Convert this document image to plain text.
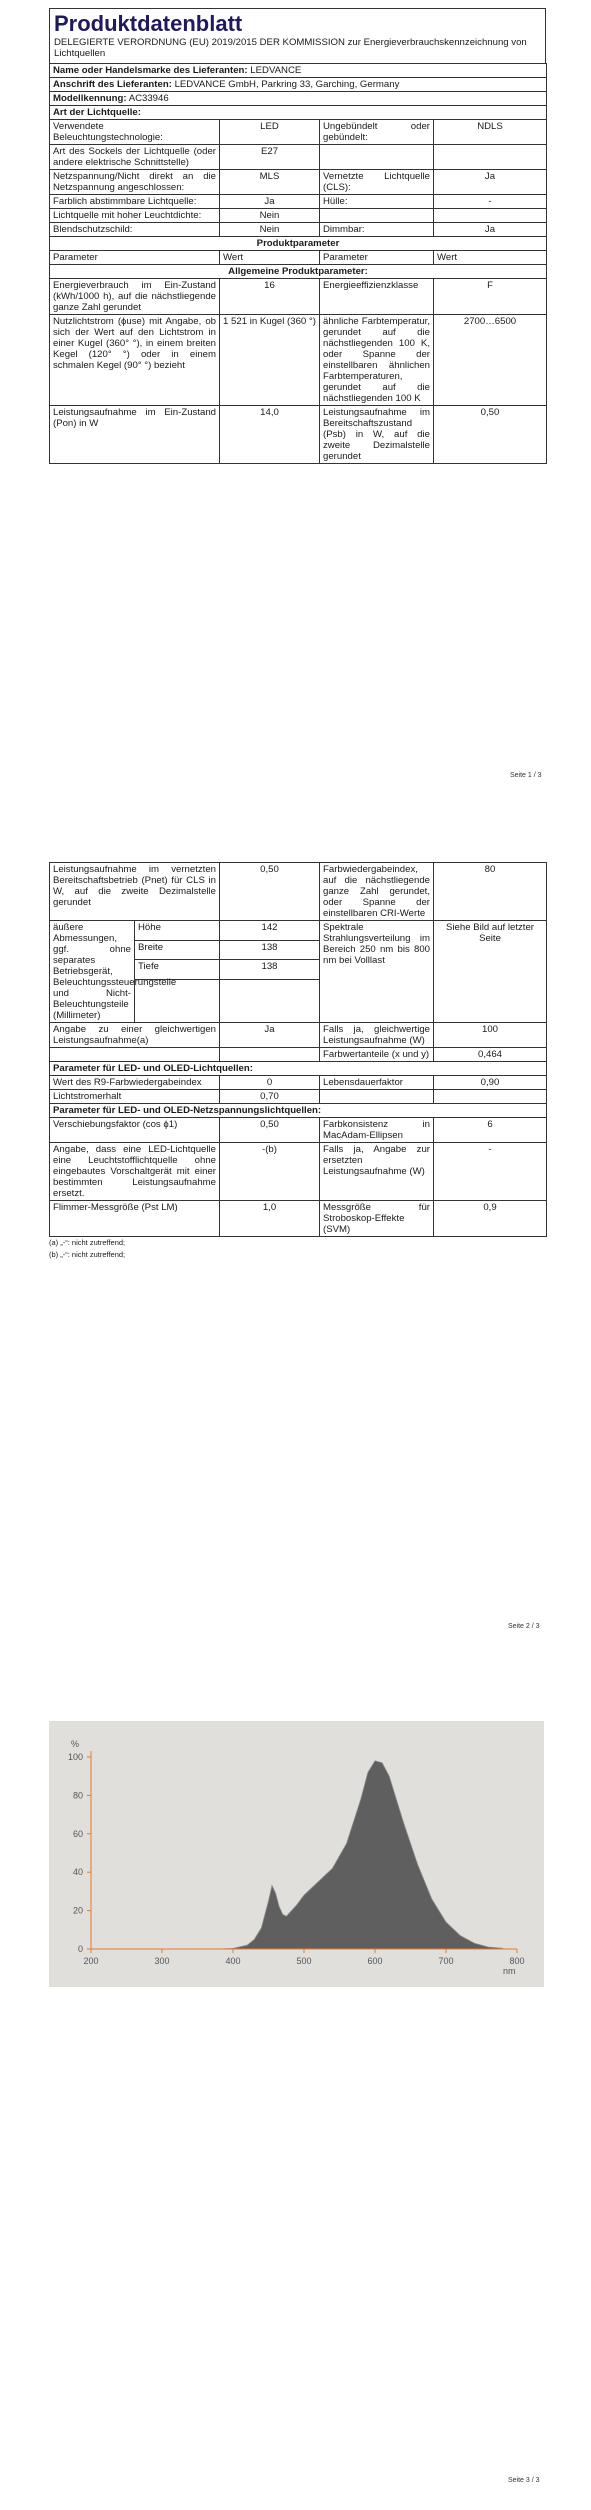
Produktdatenblatt
DELEGIERTE VERORDNUNG (EU) 2019/2015 DER KOMMISSION zur Energieverbrauchskennzeichnung von Lichtquellen
Name oder Handelsmarke des Lieferanten: LEDVANCE			
Anschrift des Lieferanten: LEDVANCE GmbH, Parkring 33, Garching, Germany			
Modellkennung: AC33946			
Art der Lichtquelle:			
Verwendete Beleuchtungstechnologie:	LED	Ungebündelt oder gebündelt:	NDLS
Art des Sockels der Lichtquelle (oder andere elektrische Schnittstelle)	E27		
Netzspannung/Nicht direkt an die Netzspannung angeschlossen:	MLS	Vernetzte Lichtquelle (CLS):	Ja
Farblich abstimmbare Lichtquelle:	Ja	Hülle:	-
Lichtquelle mit hoher Leuchtdichte:	Nein		
Blendschutzschild:	Nein	Dimmbar:	Ja
Produktparameter			
Parameter	Wert	Parameter	Wert
Allgemeine Produktparameter:			
Energieverbrauch im Ein-Zustand (kWh/1000 h), auf die nächstliegende ganze Zahl gerundet	16	Energieeffizienzklasse	F
Nutzlichtstrom (ϕuse) mit Angabe, ob sich der Wert auf den Lichtstrom in einer Kugel (360° °), in einem breiten Kegel (120° °) oder in einem schmalen Kegel (90° °) bezieht	1 521 in Kugel (360 °)	ähnliche Farbtemperatur, gerundet auf die nächstliegenden 100 K, oder Spanne der einstellbaren ähnlichen Farbtemperaturen, gerundet auf die nächstliegenden 100 K	2700…6500
Leistungsaufnahme im Ein-Zustand (Pon) in W	14,0	Leistungsaufnahme im Bereitschaftszustand (Psb) in W, auf die zweite Dezimalstelle gerundet	0,50
Seite 1 / 3
Leistungsaufnahme im vernetzten Bereitschaftsbetrieb (Pnet) für CLS in W, auf die zweite Dezimalstelle gerundet		0,50	Farbwiedergabeindex, auf die nächstliegende ganze Zahl gerundet, oder Spanne der einstellbaren CRI-Werte	80
äußere Abmessungen, ggf. ohne separates Betriebsgerät, Beleuchtungssteuerungsteile und Nicht-Beleuchtungsteile (Millimeter)	Höhe	142	Spektrale Strahlungsverteilung im Bereich 250 nm bis 800 nm bei Volllast	Siehe Bild auf letzter Seite
	Breite	138		
	Tiefe	138		

Angabe zu einer gleichwertigen Leistungsaufnahme(a)		Ja	Falls ja, gleichwertige Leistungsaufnahme (W)	100
			Farbwertanteile (x und y)	0,464
Parameter für LED- und OLED-Lichtquellen:				
Wert des R9-Farbwiedergabeindex		0	Lebensdauerfaktor	0,90
Lichtstromerhalt		0,70		
Parameter für LED- und OLED-Netzspannungslichtquellen:				
Verschiebungsfaktor (cos ϕ1)		0,50	Farbkonsistenz in MacAdam-Ellipsen	6
Angabe, dass eine LED-Lichtquelle eine Leuchtstofflichtquelle ohne eingebautes Vorschaltgerät mit einer bestimmten Leistungsaufnahme ersetzt.		-(b)	Falls ja, Angabe zur ersetzten Leistungsaufnahme (W)	-
Flimmer-Messgröße (Pst LM)		1,0	Messgröße für Stroboskop-Effekte (SVM)	0,9
(a) „-“: nicht zutreffend;
(b) „-“: nicht zutreffend;
Seite 2 / 3
0
20
40
60
80
100
200	300	400	500	600	700	800
%
nm
Seite 3 / 3
